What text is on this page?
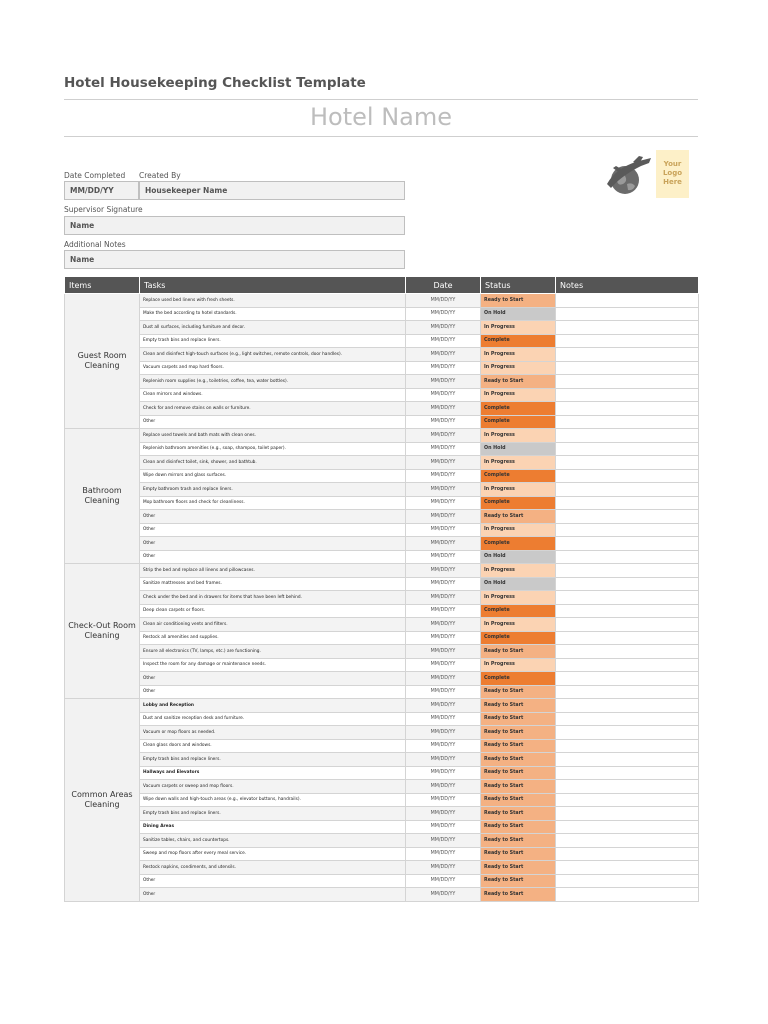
Hotel Housekeeping Checklist Template
Hotel Name
Date Completed Created By
MM/DD/YY	Housekeeper Name
Supervisor Signature
Name
Additional Notes
Name
Your
Logo
Here
Items	Tasks	Date	Status	Notes
Guest Room Cleaning	Replace used bed linens with fresh sheets.	MM/DD/YY	Ready to Start	
	Make the bed according to hotel standards.	MM/DD/YY	On Hold	
	Dust all surfaces, including furniture and decor.	MM/DD/YY	In Progress	
	Empty trash bins and replace liners.	MM/DD/YY	Complete	
	Clean and disinfect high-touch surfaces (e.g., light switches, remote controls, door handles).	MM/DD/YY	In Progress	
	Vacuum carpets and mop hard floors.	MM/DD/YY	In Progress	
	Replenish room supplies (e.g., toiletries, coffee, tea, water bottles).	MM/DD/YY	Ready to Start	
	Clean mirrors and windows.	MM/DD/YY	In Progress	
	Check for and remove stains on walls or furniture.	MM/DD/YY	Complete	
	Other	MM/DD/YY	Complete	
Bathroom Cleaning	Replace used towels and bath mats with clean ones.	MM/DD/YY	In Progress	
	Replenish bathroom amenities (e.g., soap, shampoo, toilet paper).	MM/DD/YY	On Hold	
	Clean and disinfect toilet, sink, shower, and bathtub.	MM/DD/YY	In Progress	
	Wipe down mirrors and glass surfaces.	MM/DD/YY	Complete	
	Empty bathroom trash and replace liners.	MM/DD/YY	In Progress	
	Mop bathroom floors and check for cleanliness.	MM/DD/YY	Complete	
	Other	MM/DD/YY	Ready to Start	
	Other	MM/DD/YY	In Progress	
	Other	MM/DD/YY	Complete	
	Other	MM/DD/YY	On Hold	
Check-Out Room Cleaning	Strip the bed and replace all linens and pillowcases.	MM/DD/YY	In Progress	
	Sanitize mattresses and bed frames.	MM/DD/YY	On Hold	
	Check under the bed and in drawers for items that have been left behind.	MM/DD/YY	In Progress	
	Deep clean carpets or floors.	MM/DD/YY	Complete	
	Clean air conditioning vents and filters.	MM/DD/YY	In Progress	
	Restock all amenities and supplies.	MM/DD/YY	Complete	
	Ensure all electronics (TV, lamps, etc.) are functioning.	MM/DD/YY	Ready to Start	
	Inspect the room for any damage or maintenance needs.	MM/DD/YY	In Progress	
	Other	MM/DD/YY	Complete	
	Other	MM/DD/YY	Ready to Start	
Common Areas Cleaning	Lobby and Reception	MM/DD/YY	Ready to Start	
	Dust and sanitize reception desk and furniture.	MM/DD/YY	Ready to Start	
	Vacuum or mop floors as needed.	MM/DD/YY	Ready to Start	
	Clean glass doors and windows.	MM/DD/YY	Ready to Start	
	Empty trash bins and replace liners.	MM/DD/YY	Ready to Start	
	Hallways and Elevators	MM/DD/YY	Ready to Start	
	Vacuum carpets or sweep and mop floors.	MM/DD/YY	Ready to Start	
	Wipe down walls and high-touch areas (e.g., elevator buttons, handrails).	MM/DD/YY	Ready to Start	
	Empty trash bins and replace liners.	MM/DD/YY	Ready to Start	
	Dining Areas	MM/DD/YY	Ready to Start	
	Sanitize tables, chairs, and countertops.	MM/DD/YY	Ready to Start	
	Sweep and mop floors after every meal service.	MM/DD/YY	Ready to Start	
	Restock napkins, condiments, and utensils.	MM/DD/YY	Ready to Start	
	Other	MM/DD/YY	Ready to Start	
	Other	MM/DD/YY	Ready to Start	
